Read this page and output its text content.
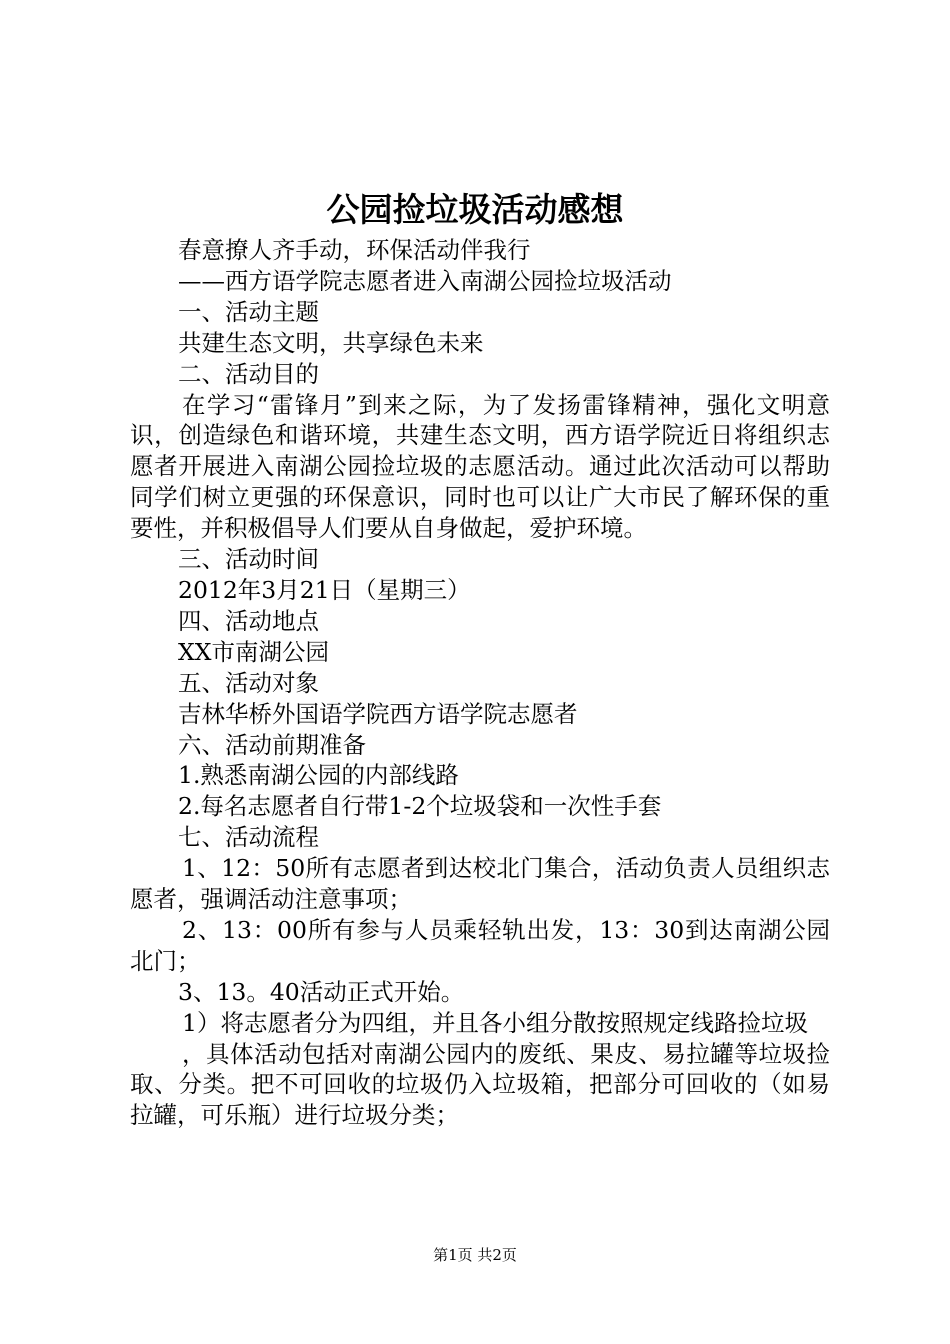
公园捡垃圾活动感想
春意撩人齐手动，环保活动伴我行
——西方语学院志愿者进入南湖公园捡垃圾活动
一、活动主题
共建生态文明，共享绿色未来
二、活动目的
在学习“雷锋月”到来之际，为了发扬雷锋精神，强化文明意识，创造绿色和谐环境，共建生态文明，西方语学院近日将组织志愿者开展进入南湖公园捡垃圾的志愿活动。通过此次活动可以帮助同学们树立更强的环保意识，同时也可以让广大市民了解环保的重要性，并积极倡导人们要从自身做起，爱护环境。
三、活动时间
2012年3月21日（星期三）
四、活动地点
XX市南湖公园
五、活动对象
吉林华桥外国语学院西方语学院志愿者
六、活动前期准备
1.熟悉南湖公园的内部线路
2.每名志愿者自行带1-2个垃圾袋和一次性手套
七、活动流程
1、12：50所有志愿者到达校北门集合，活动负责人员组织志愿者，强调活动注意事项；
2、13：00所有参与人员乘轻轨出发，13：30到达南湖公园北门；
3、13。40活动正式开始。
1）将志愿者分为四组，并且各小组分散按照规定线路捡垃圾
，具体活动包括对南湖公园内的废纸、果皮、易拉罐等垃圾捡取、分类。把不可回收的垃圾仍入垃圾箱，把部分可回收的（如易拉罐，可乐瓶）进行垃圾分类；
第1页 共2页
